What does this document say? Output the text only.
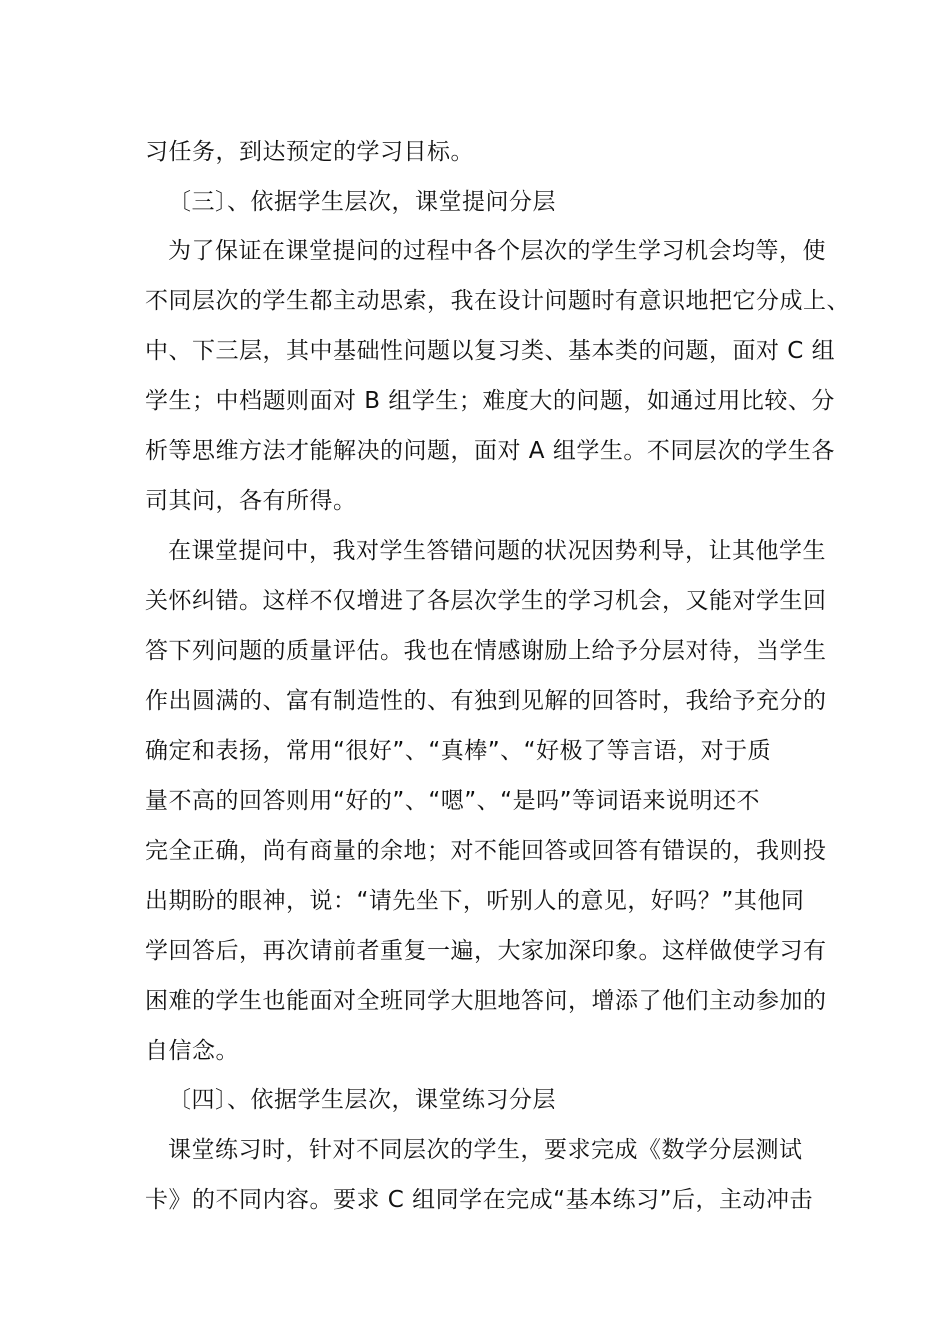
习任务，到达预定的学习目标。
〔三〕、依据学生层次，课堂提问分层
为了保证在课堂提问的过程中各个层次的学生学习机会均等，使
不同层次的学生都主动思索，我在设计问题时有意识地把它分成上、
中、下三层，其中基础性问题以复习类、基本类的问题，面对 C 组
学生；中档题则面对 B 组学生；难度大的问题，如通过用比较、分
析等思维方法才能解决的问题，面对 A 组学生。不同层次的学生各
司其问，各有所得。
在课堂提问中，我对学生答错问题的状况因势利导，让其他学生
关怀纠错。这样不仅增进了各层次学生的学习机会，又能对学生回
答下列问题的质量评估。我也在情感谢励上给予分层对待，当学生
作出圆满的、富有制造性的、有独到见解的回答时，我给予充分的
确定和表扬，常用“很好”、“真棒”、“好极了等言语，对于质
量不高的回答则用“好的”、“嗯”、“是吗”等词语来说明还不
完全正确，尚有商量的余地；对不能回答或回答有错误的，我则投
出期盼的眼神，说：“请先坐下，听别人的意见，好吗？”其他同
学回答后，再次请前者重复一遍，大家加深印象。这样做使学习有
困难的学生也能面对全班同学大胆地答问，增添了他们主动参加的
自信念。
〔四〕、依据学生层次，课堂练习分层
课堂练习时，针对不同层次的学生，要求完成《数学分层测试
卡》的不同内容。要求 C 组同学在完成“基本练习”后，主动冲击
